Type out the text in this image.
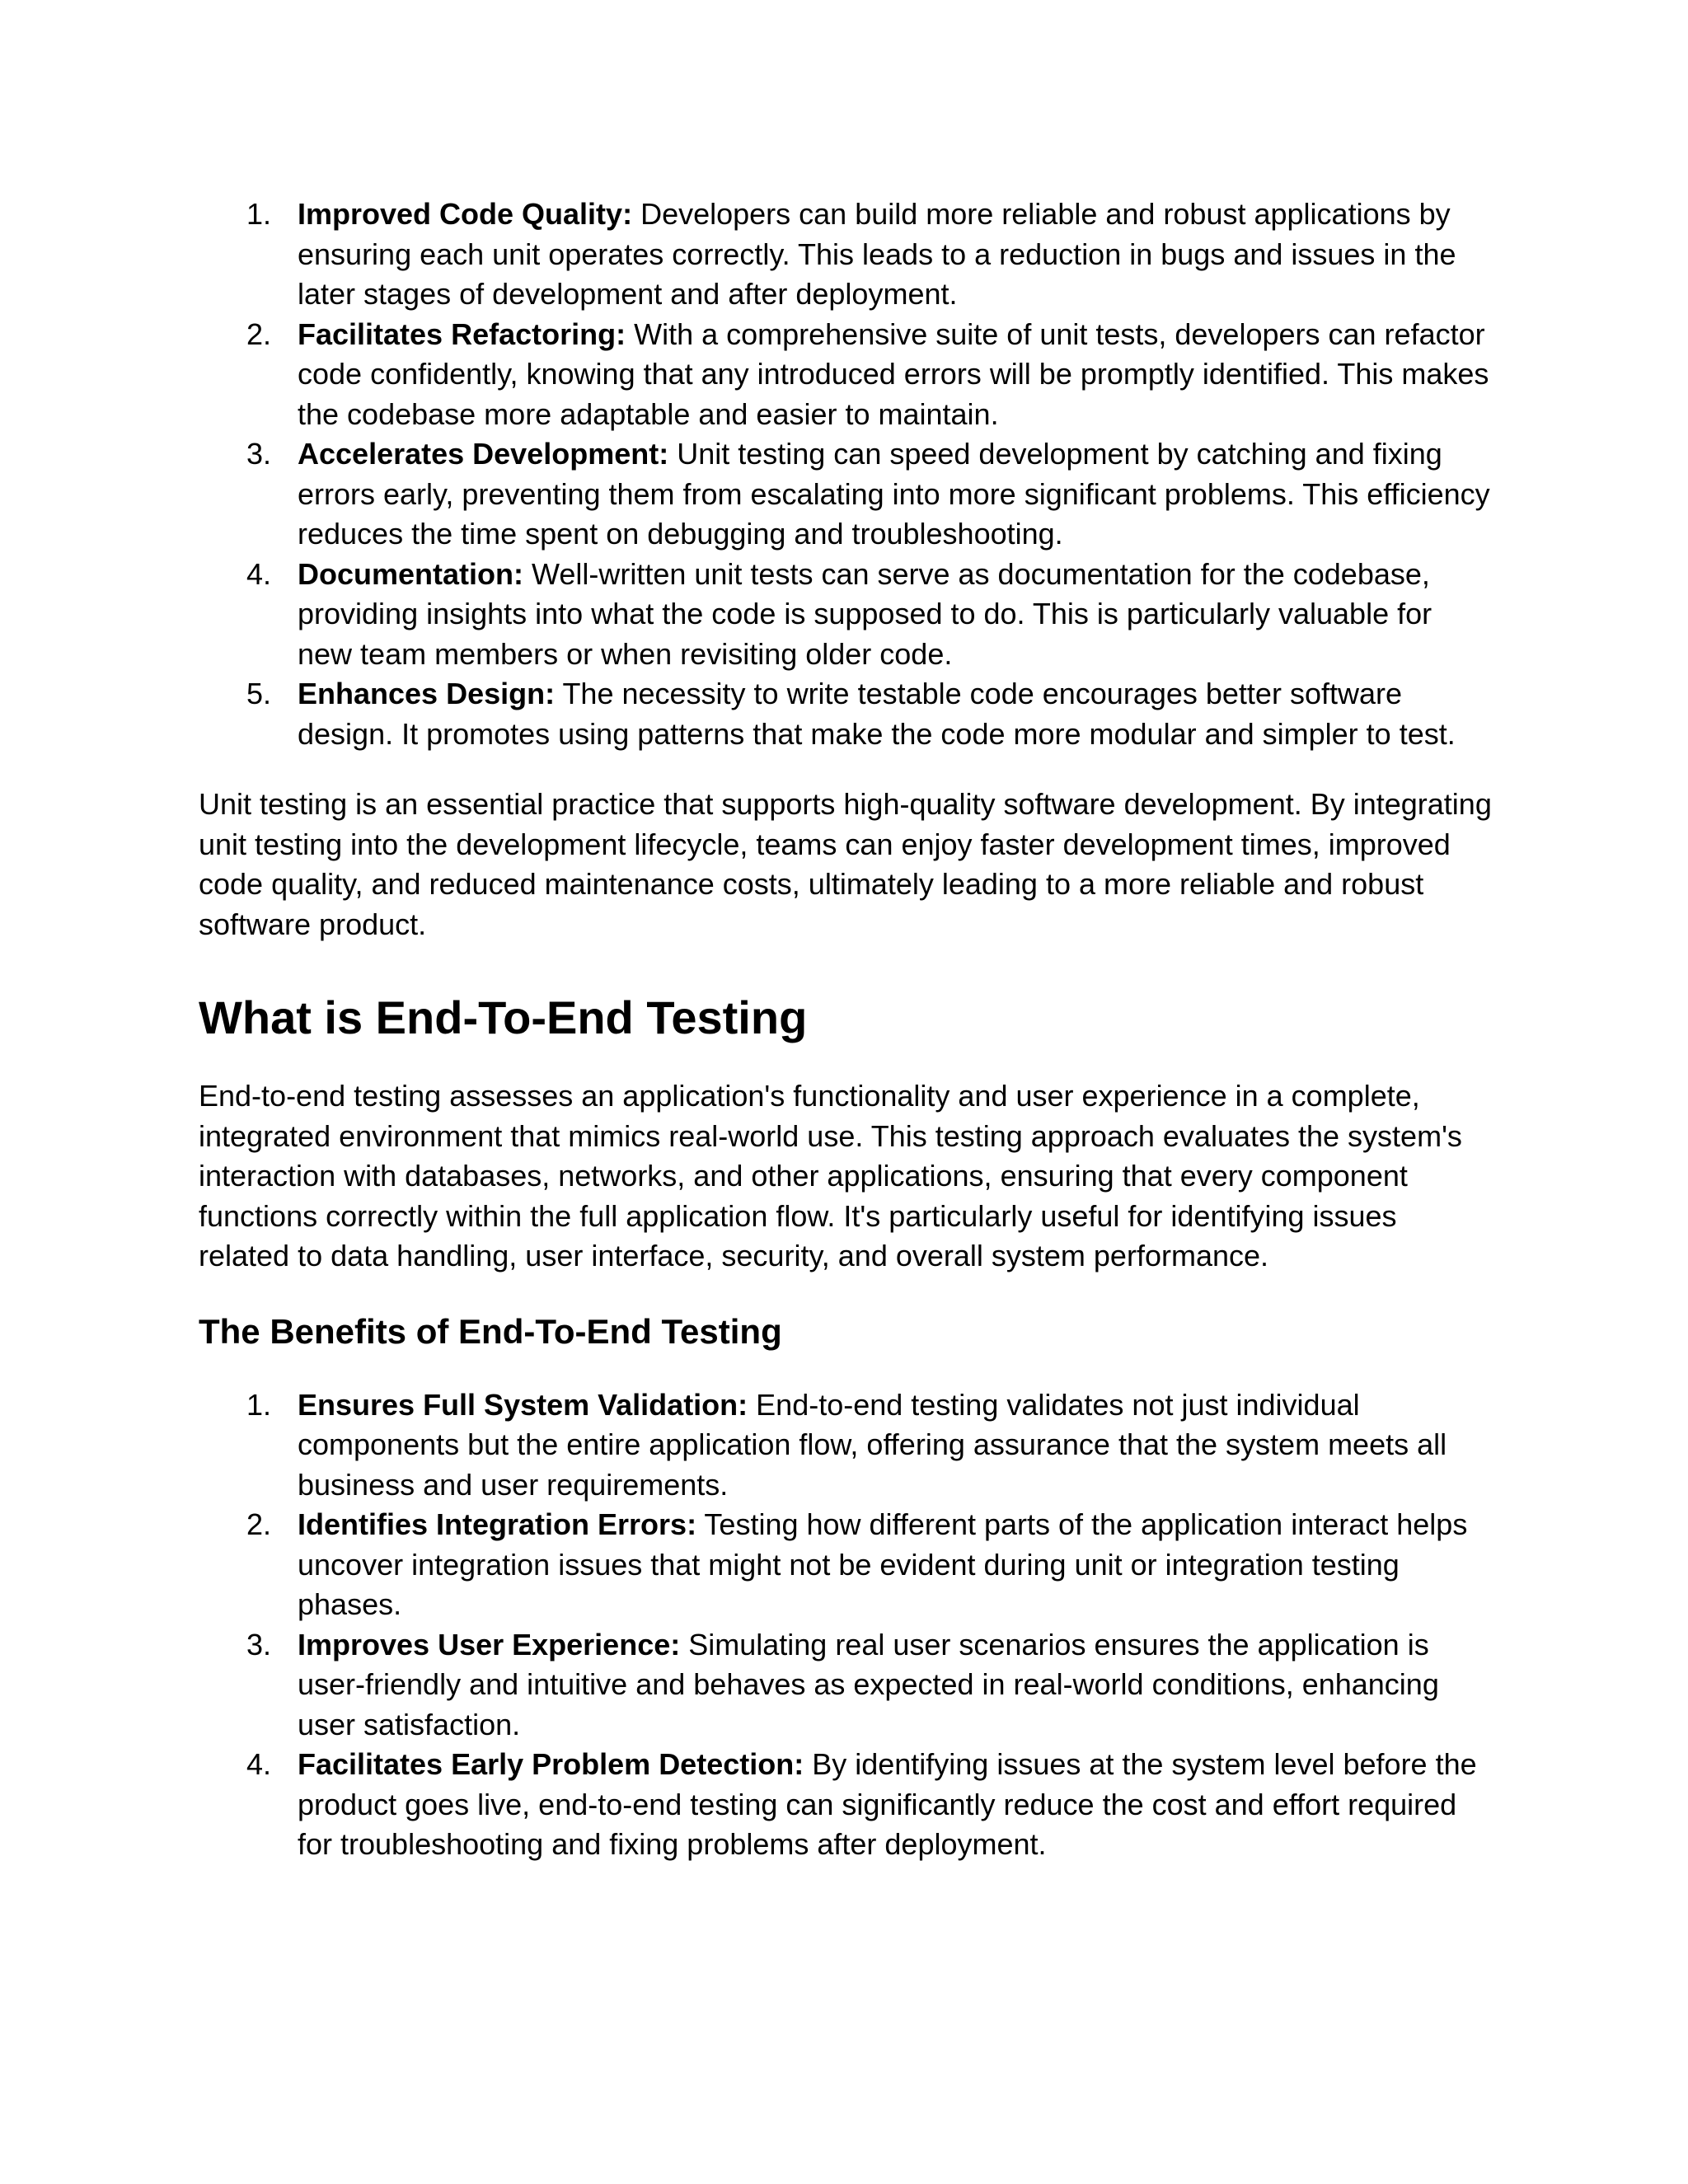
1. Improved Code Quality: Developers can build more reliable and robust applications by ensuring each unit operates correctly. This leads to a reduction in bugs and issues in the later stages of development and after deployment.
2. Facilitates Refactoring: With a comprehensive suite of unit tests, developers can refactor code confidently, knowing that any introduced errors will be promptly identified. This makes the codebase more adaptable and easier to maintain.
3. Accelerates Development: Unit testing can speed development by catching and fixing errors early, preventing them from escalating into more significant problems. This efficiency reduces the time spent on debugging and troubleshooting.
4. Documentation: Well-written unit tests can serve as documentation for the codebase, providing insights into what the code is supposed to do. This is particularly valuable for new team members or when revisiting older code.
5. Enhances Design: The necessity to write testable code encourages better software design. It promotes using patterns that make the code more modular and simpler to test.

Unit testing is an essential practice that supports high-quality software development. By integrating unit testing into the development lifecycle, teams can enjoy faster development times, improved code quality, and reduced maintenance costs, ultimately leading to a more reliable and robust software product.

What is End-To-End Testing

End-to-end testing assesses an application's functionality and user experience in a complete, integrated environment that mimics real-world use. This testing approach evaluates the system's interaction with databases, networks, and other applications, ensuring that every component functions correctly within the full application flow. It's particularly useful for identifying issues related to data handling, user interface, security, and overall system performance.

The Benefits of End-To-End Testing
1. Ensures Full System Validation: End-to-end testing validates not just individual components but the entire application flow, offering assurance that the system meets all business and user requirements.
2. Identifies Integration Errors: Testing how different parts of the application interact helps uncover integration issues that might not be evident during unit or integration testing phases.
3. Improves User Experience: Simulating real user scenarios ensures the application is user-friendly and intuitive and behaves as expected in real-world conditions, enhancing user satisfaction.
4. Facilitates Early Problem Detection: By identifying issues at the system level before the product goes live, end-to-end testing can significantly reduce the cost and effort required for troubleshooting and fixing problems after deployment.
